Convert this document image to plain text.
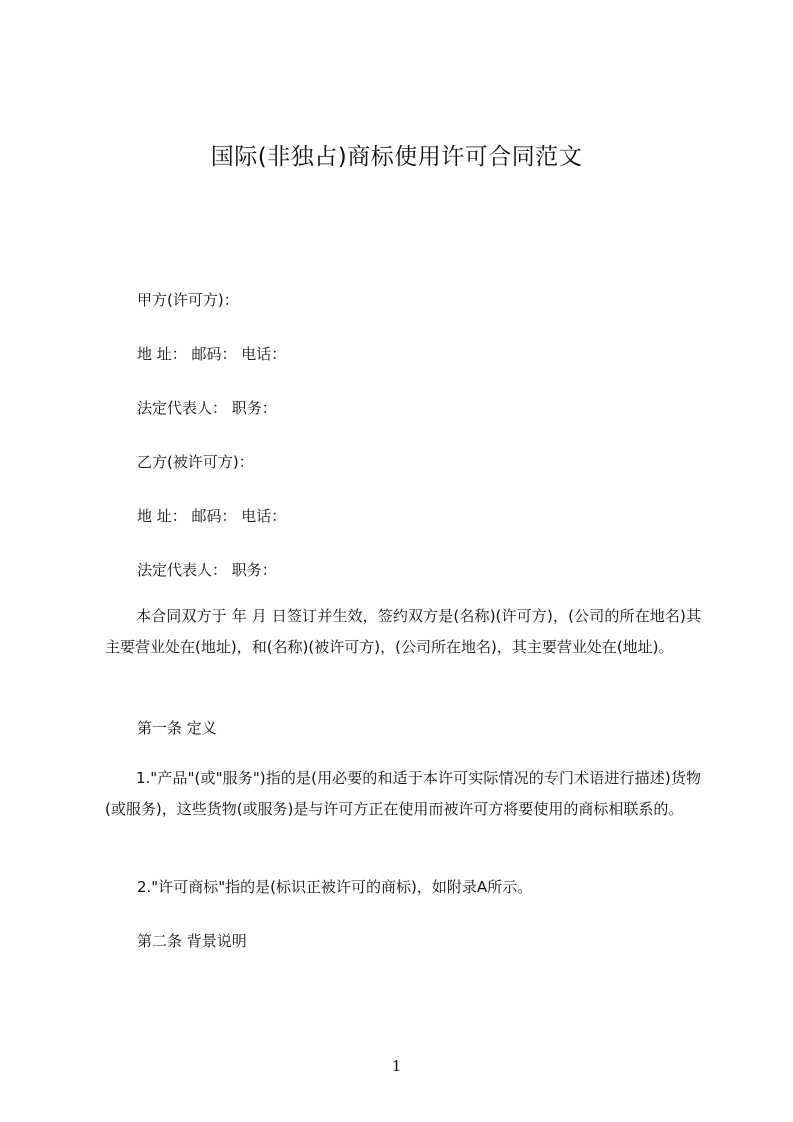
国际(非独占)商标使用许可合同范文

甲方(许可方)：

地 址： 邮码： 电话：

法定代表人： 职务：

乙方(被许可方)：

地 址： 邮码： 电话：

法定代表人： 职务：

本合同双方于 年 月 日签订并生效，签约双方是(名称)(许可方)，(公司的所在地名)其主要营业处在(地址)，和(名称)(被许可方)，(公司所在地名)，其主要营业处在(地址)。

第一条 定义

1."产品"(或"服务")指的是(用必要的和适于本许可实际情况的专门术语进行描述)货物(或服务)，这些货物(或服务)是与许可方正在使用而被许可方将要使用的商标相联系的。

2."许可商标"指的是(标识正被许可的商标)，如附录A所示。

第二条 背景说明

1
